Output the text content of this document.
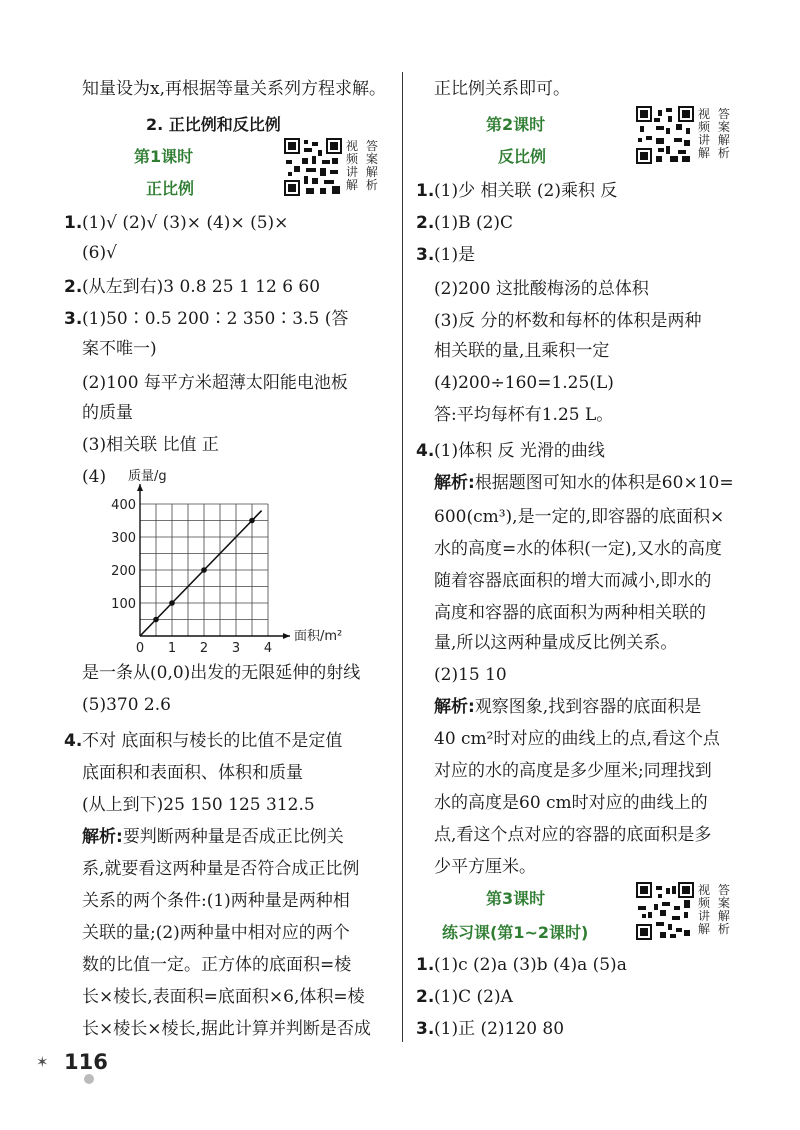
知量设为x,再根据等量关系列方程求解。
2. 正比例和反比例
第1课时
正比例
视 答
频 案
讲 解
解 析
1. (1)√ (2)√ (3)× (4)× (5)×
(6)√
2. (从左到右)3 0.8 25 1 12 6 60
3. (1)50∶0.5 200∶2 350∶3.5 (答
案不唯一)
(2)100 每平方米超薄太阳能电池板
的质量
(3)相关联 比值 正
(4)
0 1 2 3 4
100
200
300
400
质量/g
面积/m²
是一条从(0,0)出发的无限延伸的射线
(5)370 2.6
4. 不对 底面积与棱长的比值不是定值
底面积和表面积、体积和质量
(从上到下)25 150 125 312.5
解析:要判断两种量是否成正比例关
系,就要看这两种量是否符合成正比例
关系的两个条件:(1)两种量是两种相
关联的量;(2)两种量中相对应的两个
数的比值一定。正方体的底面积=棱
长×棱长,表面积=底面积×6,体积=棱
长×棱长×棱长,据此计算并判断是否成
正比例关系即可。
第2课时
反比例
视 答
频 案
讲 解
解 析
1. (1)少 相关联 (2)乘积 反
2. (1)B (2)C
3. (1)是
(2)200 这批酸梅汤的总体积
(3)反 分的杯数和每杯的体积是两种
相关联的量,且乘积一定
(4)200÷160=1.25(L)
答:平均每杯有1.25 L。
4. (1)体积 反 光滑的曲线
解析:根据题图可知水的体积是60×10=
600(cm³),是一定的,即容器的底面积×
水的高度=水的体积(一定),又水的高度
随着容器底面积的增大而减小,即水的
高度和容器的底面积为两种相关联的
量,所以这两种量成反比例关系。
(2)15 10
解析:观察图象,找到容器的底面积是
40 cm²时对应的曲线上的点,看这个点
对应的水的高度是多少厘米;同理找到
水的高度是60 cm时对应的曲线上的
点,看这个点对应的容器的底面积是多
少平方厘米。
第3课时
练习课(第1~2课时)
视 答
频 案
讲 解
解 析
1. (1)c (2)a (3)b (4)a (5)a
2. (1)C (2)A
3. (1)正 (2)120 80
✶ 116
